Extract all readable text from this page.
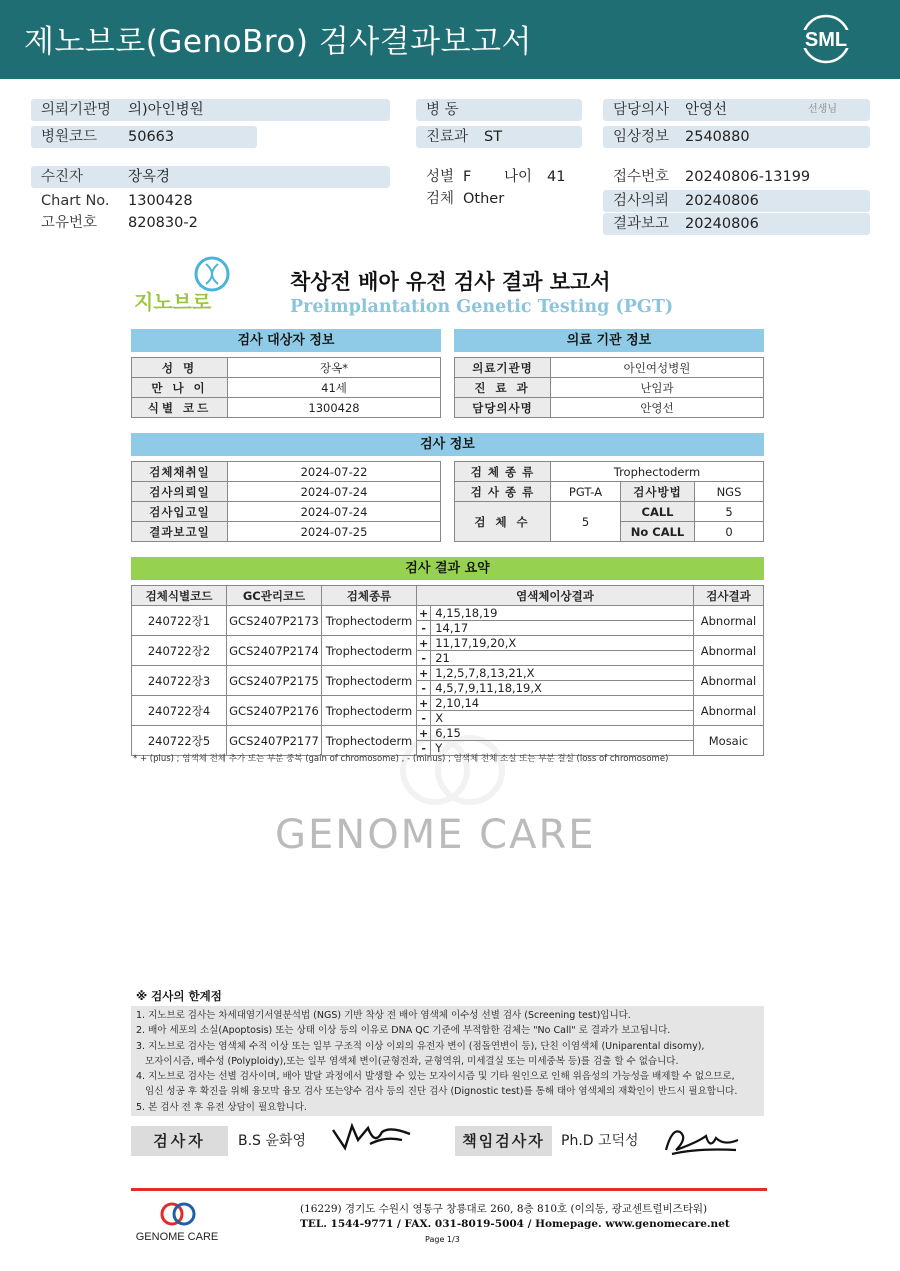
제노브로(GenoBro) 검사결과보고서	SML
의뢰기관명 의)아인병원
병원코드 50663
수진자	장옥경
Chart No. 1300428
고유번호 820830-2
병 동
진료과 ST
성별 F 나이 41
검체 Other
담당의사 안영선	선생님
임상정보 2540880
접수번호 20240806-13199
검사의뢰 20240806
결과보고 20240806
지노브로
착상전 배아 유전 검사 결과 보고서
Preimplantation Genetic Testing (PGT)
검사 대상자 정보
성 명	장옥*
만 나 이	41세
식별 코드	1300428
의료 기관 정보
의료기관명	아인여성병원
진 료 과	난임과
담당의사명	안영선
검사 정보
검체채취일	2024-07-22
검사의뢰일	2024-07-24
검사입고일	2024-07-24
결과보고일	2024-07-25
검 체 종 류	Trophectoderm		
검 사 종 류	PGT-A	검사방법	NGS
검 체 수	5	CALL	5
		No CALL	0
검사 결과 요약
검체식별코드	GC관리코드	검체종류	염색체이상결과		검사결과
240722장1	GCS2407P2173	Trophectoderm	+	4,15,18,19	Abnormal
			-	14,17	
240722장2	GCS2407P2174	Trophectoderm	+	11,17,19,20,X	Abnormal
			-	21	
240722장3	GCS2407P2175	Trophectoderm	+	1,2,5,7,8,13,21,X	Abnormal
			-	4,5,7,9,11,18,19,X	
240722장4	GCS2407P2176	Trophectoderm	+	2,10,14	Abnormal
			-	X	
240722장5	GCS2407P2177	Trophectoderm	+	6,15	Mosaic
			-	Y	
* + (plus) ; 염색체 전체 추가 또는 부분 중복 (gain of chromosome) , - (minus) ; 염색체 전체 소실 또는 부분 결실 (loss of chromosome)
GENOME CARE
※ 검사의 한계점
1. 지노브로 검사는 차세대염기서열분석법 (NGS) 기반 착상 전 배아 염색체 이수성 선별 검사 (Screening test)입니다.
2. 배아 세포의 소실(Apoptosis) 또는 상태 이상 등의 이유로 DNA QC 기준에 부적합한 검체는 "No Call" 로 결과가 보고됩니다.
3. 지노브로 검사는 염색체 수적 이상 또는 일부 구조적 이상 이외의 유전자 변이 (점돌연변이 등), 단친 이염색체 (Uniparental disomy),
모자이시즘, 배수성 (Polyploidy),또는 일부 염색체 변이(균형전좌, 균형역위, 미세결실 또는 미세중복 등)를 검출 할 수 없습니다.
4. 지노브로 검사는 선별 검사이며, 배아 발달 과정에서 발생할 수 있는 모자이시즘 및 기타 원인으로 인해 위음성의 가능성을 배제할 수 없으므로,
임신 성공 후 확진을 위해 융모막 융모 검사 또는양수 검사 등의 진단 검사 (Dignostic test)를 통해 태아 염색체의 재확인이 반드시 필요합니다.
5. 본 검사 전 후 유전 상담이 필요합니다.
검사자	B.S 윤화영	책임검사자	Ph.D 고덕성
GENOME CARE
(16229) 경기도 수원시 영통구 창룡대로 260, 8층 810호 (이의동, 광교센트럴비즈타워)
TEL. 1544-9771 / FAX. 031-8019-5004 / Homepage. www.genomecare.net
Page 1/3
